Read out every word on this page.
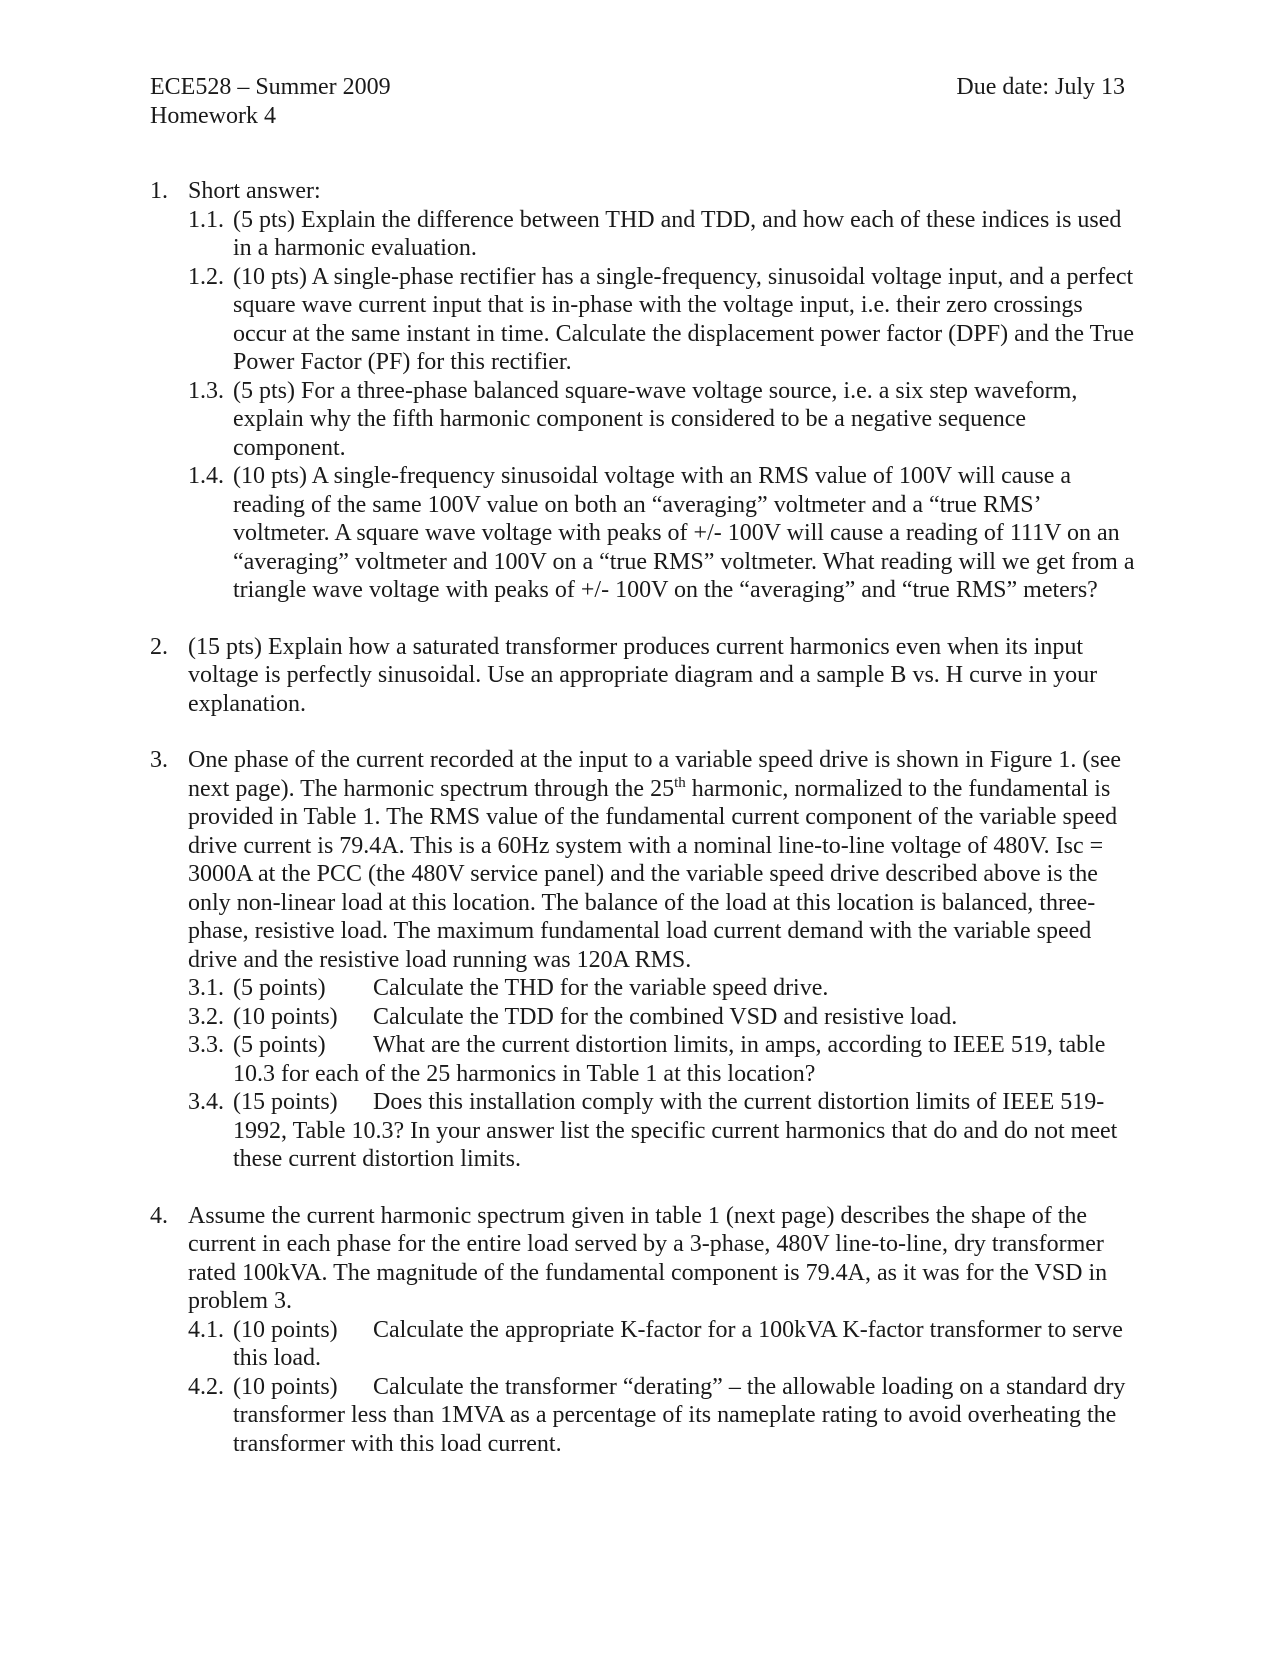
ECE528 – Summer 2009	Due date: July 13
Homework 4
1. Short answer:
1.1. (5 pts) Explain the difference between THD and TDD, and how each of these indices is used in a harmonic evaluation.
1.2. (10 pts) A single-phase rectifier has a single-frequency, sinusoidal voltage input, and a perfect square wave current input that is in-phase with the voltage input, i.e. their zero crossings occur at the same instant in time. Calculate the displacement power factor (DPF) and the True Power Factor (PF) for this rectifier.
1.3. (5 pts) For a three-phase balanced square-wave voltage source, i.e. a six step waveform, explain why the fifth harmonic component is considered to be a negative sequence component.
1.4. (10 pts) A single-frequency sinusoidal voltage with an RMS value of 100V will cause a reading of the same 100V value on both an “averaging” voltmeter and a “true RMS’ voltmeter. A square wave voltage with peaks of +/- 100V will cause a reading of 111V on an “averaging” voltmeter and 100V on a “true RMS” voltmeter. What reading will we get from a triangle wave voltage with peaks of +/- 100V on the “averaging” and “true RMS” meters?
2. (15 pts) Explain how a saturated transformer produces current harmonics even when its input voltage is perfectly sinusoidal. Use an appropriate diagram and a sample B vs. H curve in your explanation.
3. One phase of the current recorded at the input to a variable speed drive is shown in Figure 1. (see next page). The harmonic spectrum through the 25th harmonic, normalized to the fundamental is provided in Table 1. The RMS value of the fundamental current component of the variable speed drive current is 79.4A. This is a 60Hz system with a nominal line-to-line voltage of 480V. Isc = 3000A at the PCC (the 480V service panel) and the variable speed drive described above is the only non-linear load at this location. The balance of the load at this location is balanced, three-phase, resistive load. The maximum fundamental load current demand with the variable speed drive and the resistive load running was 120A RMS.
3.1. (5 points) Calculate the THD for the variable speed drive.
3.2. (10 points) Calculate the TDD for the combined VSD and resistive load.
3.3. (5 points) What are the current distortion limits, in amps, according to IEEE 519, table 10.3 for each of the 25 harmonics in Table 1 at this location?
3.4. (15 points) Does this installation comply with the current distortion limits of IEEE 519-1992, Table 10.3? In your answer list the specific current harmonics that do and do not meet these current distortion limits.
4. Assume the current harmonic spectrum given in table 1 (next page) describes the shape of the current in each phase for the entire load served by a 3-phase, 480V line-to-line, dry transformer rated 100kVA. The magnitude of the fundamental component is 79.4A, as it was for the VSD in problem 3.
4.1. (10 points) Calculate the appropriate K-factor for a 100kVA K-factor transformer to serve this load.
4.2. (10 points) Calculate the transformer “derating” – the allowable loading on a standard dry transformer less than 1MVA as a percentage of its nameplate rating to avoid overheating the transformer with this load current.
